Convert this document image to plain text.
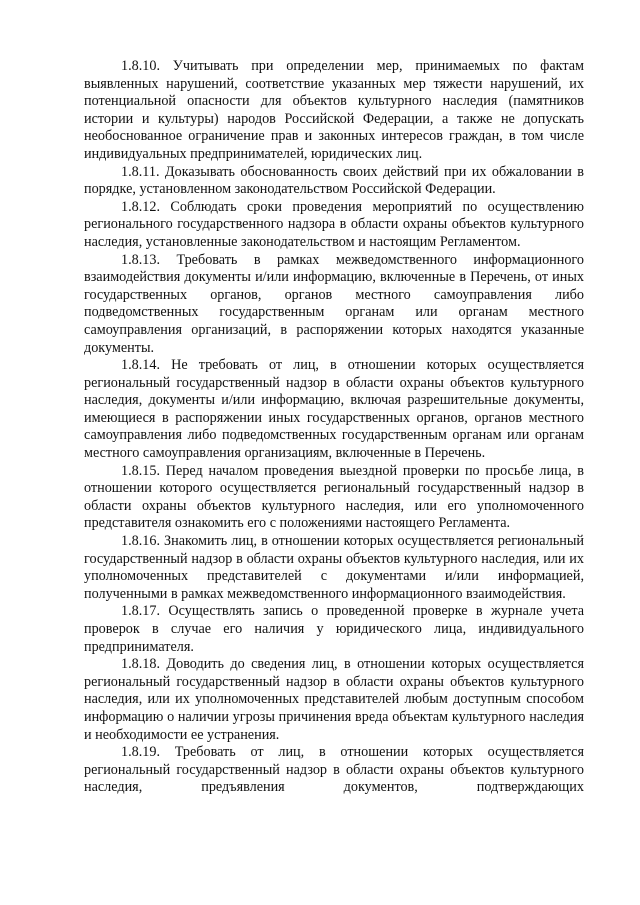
1.8.10. Учитывать при определении мер, принимаемых по фактам выявленных нарушений, соответствие указанных мер тяжести нарушений, их потенциальной опасности для объектов культурного наследия (памятников истории и культуры) народов Российской Федерации, а также не допускать необоснованное ограничение прав и законных интересов граждан, в том числе индивидуальных предпринимателей, юридических лиц.

1.8.11. Доказывать обоснованность своих действий при их обжаловании в порядке, установленном законодательством Российской Федерации.

1.8.12. Соблюдать сроки проведения мероприятий по осуществлению регионального государственного надзора в области охраны объектов культурного наследия, установленные законодательством и настоящим Регламентом.

1.8.13. Требовать в рамках межведомственного информационного взаимодействия документы и/или информацию, включенные в Перечень, от иных государственных органов, органов местного самоуправления либо подведомственных государственным органам или органам местного самоуправления организаций, в распоряжении которых находятся указанные документы.

1.8.14. Не требовать от лиц, в отношении которых осуществляется региональный государственный надзор в области охраны объектов культурного наследия, документы и/или информацию, включая разрешительные документы, имеющиеся в распоряжении иных государственных органов, органов местного самоуправления либо подведомственных государственным органам или органам местного самоуправления организациям, включенные в Перечень.

1.8.15. Перед началом проведения выездной проверки по просьбе лица, в отношении которого осуществляется региональный государственный надзор в области охраны объектов культурного наследия, или его уполномоченного представителя ознакомить его с положениями настоящего Регламента.

1.8.16. Знакомить лиц, в отношении которых осуществляется региональный государственный надзор в области охраны объектов культурного наследия, или их уполномоченных представителей с документами и/или информацией, полученными в рамках межведомственного информационного взаимодействия.

1.8.17. Осуществлять запись о проведенной проверке в журнале учета проверок в случае его наличия у юридического лица, индивидуального предпринимателя.

1.8.18. Доводить до сведения лиц, в отношении которых осуществляется региональный государственный надзор в области охраны объектов культурного наследия, или их уполномоченных представителей любым доступным способом информацию о наличии угрозы причинения вреда объектам культурного наследия и необходимости ее устранения.

1.8.19. Требовать от лиц, в отношении которых осуществляется региональный государственный надзор в области охраны объектов культурного наследия, предъявления документов, подтверждающих
